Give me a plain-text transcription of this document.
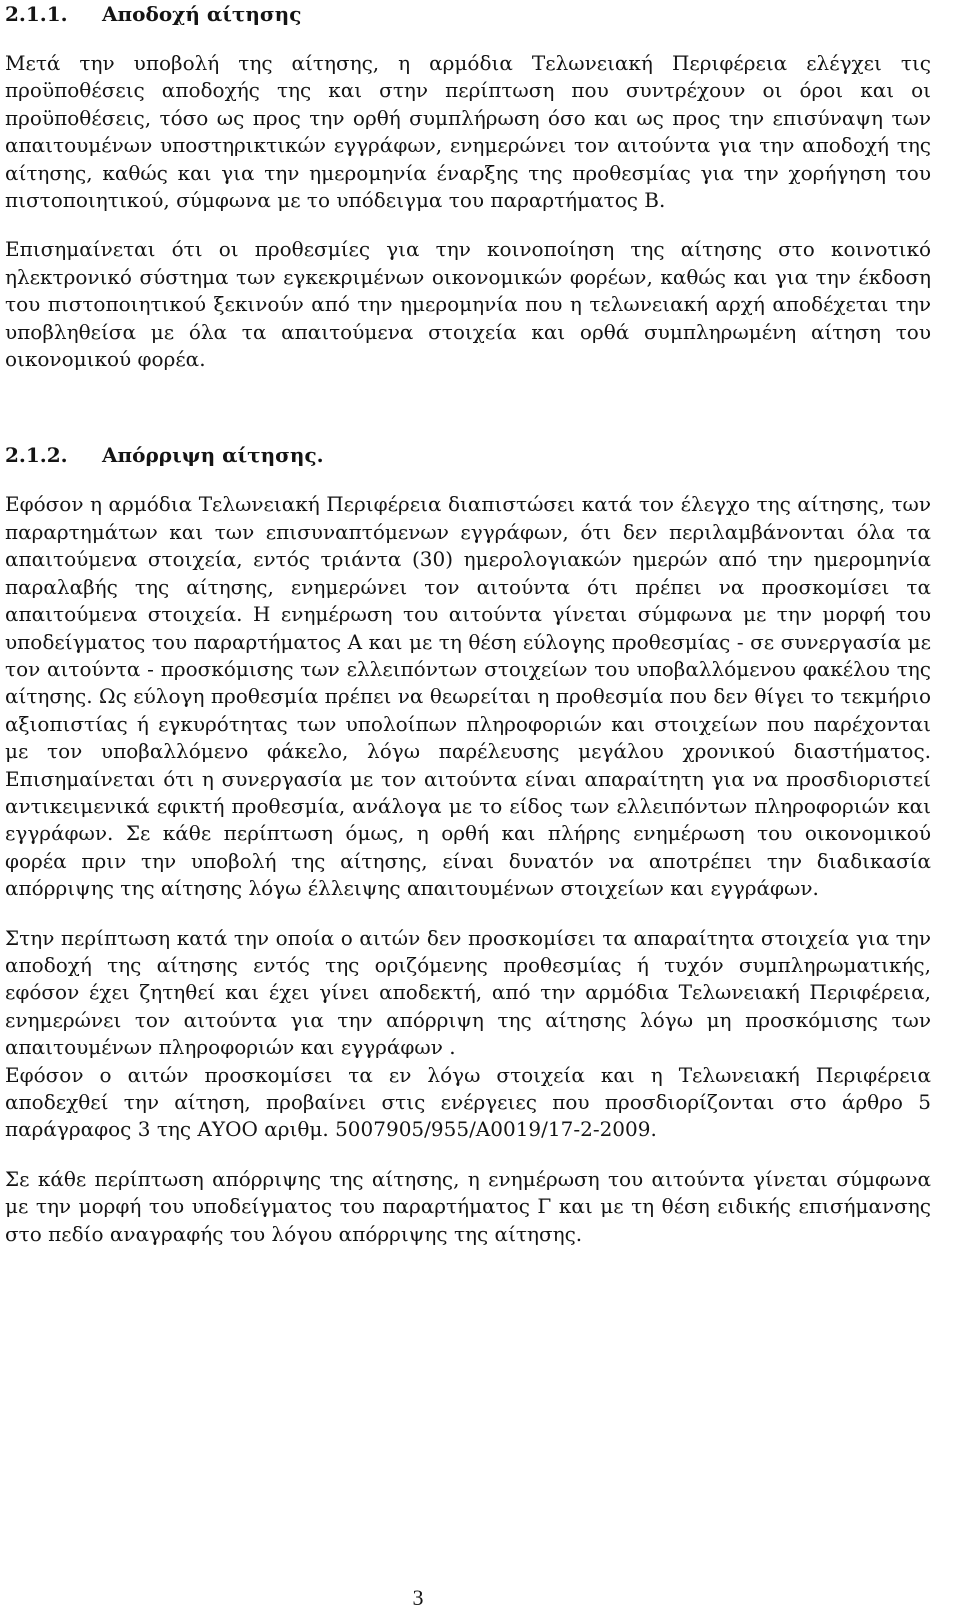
2.1.1. Αποδοχή αίτησης

Μετά την υποβολή της αίτησης, η αρμόδια Τελωνειακή Περιφέρεια ελέγχει τις προϋποθέσεις αποδοχής της και στην περίπτωση που συντρέχουν οι όροι και οι προϋποθέσεις, τόσο ως προς την ορθή συμπλήρωση όσο και ως προς την επισύναψη των απαιτουμένων υποστηρικτικών εγγράφων, ενημερώνει τον αιτούντα για την αποδοχή της αίτησης, καθώς και για την ημερομηνία έναρξης της προθεσμίας για την χορήγηση του πιστοποιητικού, σύμφωνα με το υπόδειγμα του παραρτήματος Β.

Επισημαίνεται ότι οι προθεσμίες για την κοινοποίηση της αίτησης στο κοινοτικό ηλεκτρονικό σύστημα των εγκεκριμένων οικονομικών φορέων, καθώς και για την έκδοση του πιστοποιητικού ξεκινούν από την ημερομηνία που η τελωνειακή αρχή αποδέχεται την υποβληθείσα με όλα τα απαιτούμενα στοιχεία και ορθά συμπληρωμένη αίτηση του οικονομικού φορέα.

2.1.2. Απόρριψη αίτησης.

Εφόσον η αρμόδια Τελωνειακή Περιφέρεια διαπιστώσει κατά τον έλεγχο της αίτησης, των παραρτημάτων και των επισυναπτόμενων εγγράφων, ότι δεν περιλαμβάνονται όλα τα απαιτούμενα στοιχεία, εντός τριάντα (30) ημερολογιακών ημερών από την ημερομηνία παραλαβής της αίτησης, ενημερώνει τον αιτούντα ότι πρέπει να προσκομίσει τα απαιτούμενα στοιχεία. Η ενημέρωση του αιτούντα γίνεται σύμφωνα με την μορφή του υποδείγματος του παραρτήματος Α και με τη θέση εύλογης προθεσμίας - σε συνεργασία με τον αιτούντα - προσκόμισης των ελλειπόντων στοιχείων του υποβαλλόμενου φακέλου της αίτησης. Ως εύλογη προθεσμία πρέπει να θεωρείται η προθεσμία που δεν θίγει το τεκμήριο αξιοπιστίας ή εγκυρότητας των υπολοίπων πληροφοριών και στοιχείων που παρέχονται με τον υποβαλλόμενο φάκελο, λόγω παρέλευσης μεγάλου χρονικού διαστήματος. Επισημαίνεται ότι η συνεργασία με τον αιτούντα είναι απαραίτητη για να προσδιοριστεί αντικειμενικά εφικτή προθεσμία, ανάλογα με το είδος των ελλειπόντων πληροφοριών και εγγράφων. Σε κάθε περίπτωση όμως, η ορθή και πλήρης ενημέρωση του οικονομικού φορέα πριν την υποβολή της αίτησης, είναι δυνατόν να αποτρέπει την διαδικασία απόρριψης της αίτησης λόγω έλλειψης απαιτουμένων στοιχείων και εγγράφων.

Στην περίπτωση κατά την οποία ο αιτών δεν προσκομίσει τα απαραίτητα στοιχεία για την αποδοχή της αίτησης εντός της οριζόμενης προθεσμίας ή τυχόν συμπληρωματικής, εφόσον έχει ζητηθεί και έχει γίνει αποδεκτή, από την αρμόδια Τελωνειακή Περιφέρεια, ενημερώνει τον αιτούντα για την απόρριψη της αίτησης λόγω μη προσκόμισης των απαιτουμένων πληροφοριών και εγγράφων .

Εφόσον ο αιτών προσκομίσει τα εν λόγω στοιχεία και η Τελωνειακή Περιφέρεια αποδεχθεί την αίτηση, προβαίνει στις ενέργειες που προσδιορίζονται στο άρθρο 5 παράγραφος 3 της ΑΥΟΟ αριθμ. 5007905/955/Α0019/17-2-2009.

Σε κάθε περίπτωση απόρριψης της αίτησης, η ενημέρωση του αιτούντα γίνεται σύμφωνα με την μορφή του υποδείγματος του παραρτήματος Γ και με τη θέση ειδικής επισήμανσης στο πεδίο αναγραφής του λόγου απόρριψης της αίτησης.

3
